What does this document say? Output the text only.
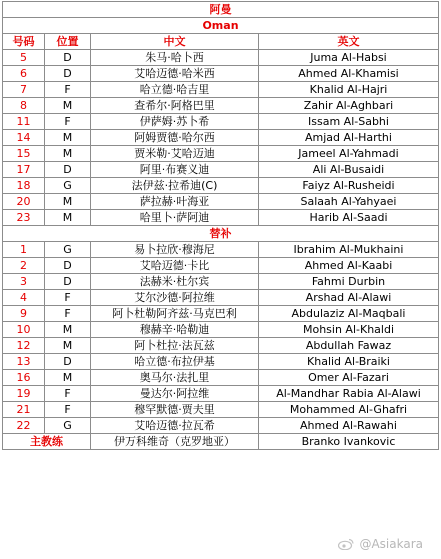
阿曼			
Oman			
号码	位置	中文	英文
5	D	朱马·哈卜西	Juma Al-Habsi
6	D	艾哈迈德·哈米西	Ahmed Al-Khamisi
7	F	哈立德·哈吉里	Khalid Al-Hajri
8	M	查希尔·阿格巴里	Zahir Al-Aghbari
11	F	伊萨姆·苏卜希	Issam Al-Sabhi
14	M	阿姆贾德·哈尔西	Amjad Al-Harthi
15	M	贾米勒·艾哈迈迪	Jameel Al-Yahmadi
17	D	阿里·布赛义迪	Ali Al-Busaidi
18	G	法伊兹·拉希迪(C)	Faiyz Al-Rusheidi
20	M	萨拉赫·叶海亚	Salaah Al-Yahyaei
23	M	哈里卜·萨阿迪	Harib Al-Saadi
替补			
1	G	易卜拉欣·穆海尼	Ibrahim Al-Mukhaini
2	D	艾哈迈德·卡比	Ahmed Al-Kaabi
3	D	法赫米·杜尔宾	Fahmi Durbin
4	F	艾尔沙德·阿拉维	Arshad Al-Alawi
9	F	阿卜杜勒阿齐兹·马克巴利	Abdulaziz Al-Maqbali
10	M	穆赫辛·哈勒迪	Mohsin Al-Khaldi
12	M	阿卜杜拉·法瓦兹	Abdullah Fawaz
13	D	哈立德·布拉伊基	Khalid Al-Braiki
16	M	奥马尔·法扎里	Omer Al-Fazari
19	F	曼达尔·阿拉维	Al-Mandhar Rabia Al-Alawi
21	F	穆罕默德·贾夫里	Mohammed Al-Ghafri
22	G	艾哈迈德·拉瓦希	Ahmed Al-Rawahi
主教练		伊万科维奇（克罗地亚）	Branko Ivankovic
@Asiakara
